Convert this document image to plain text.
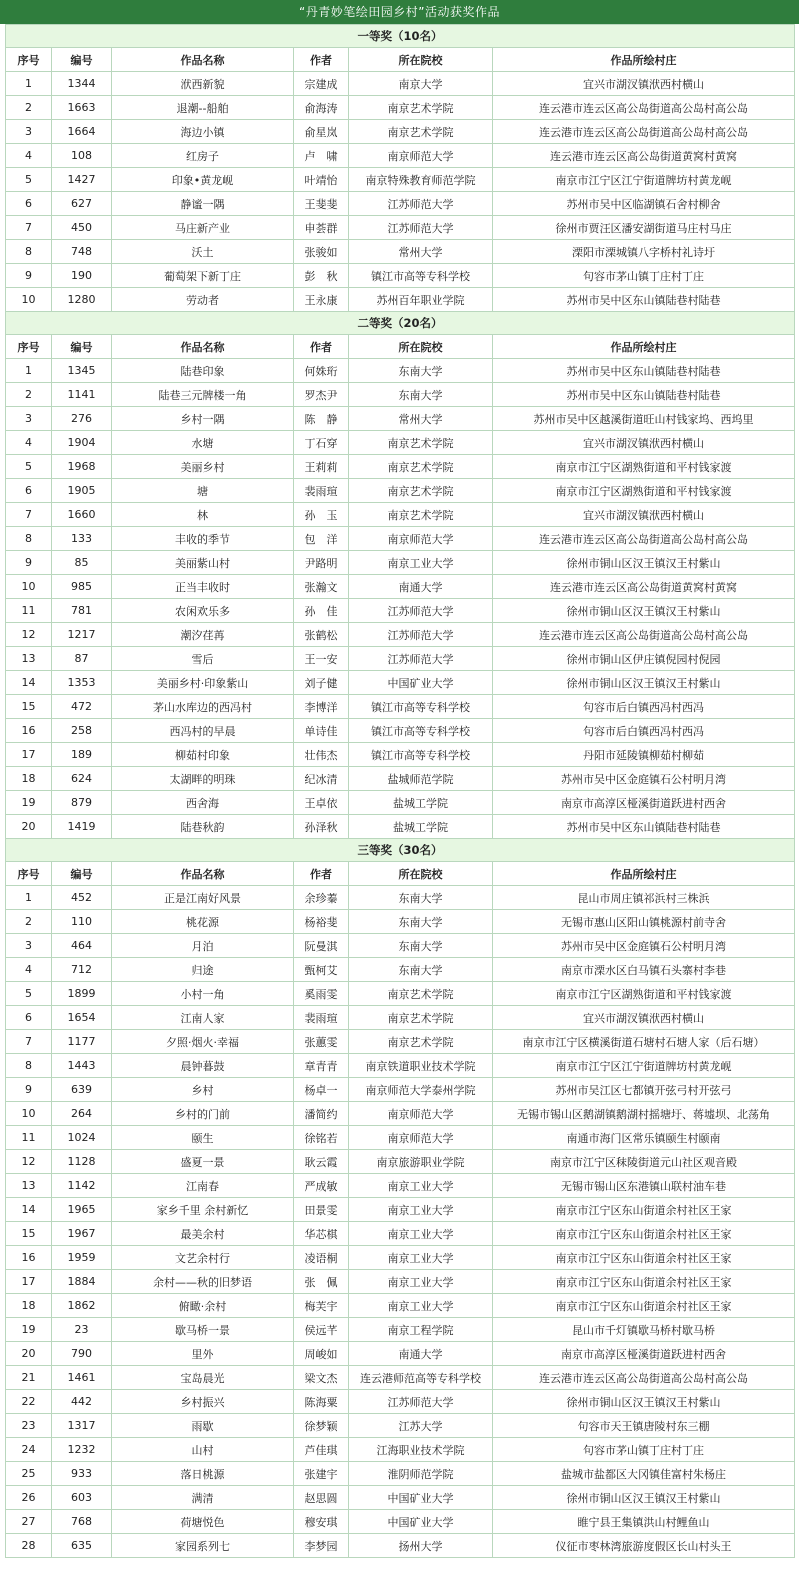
“丹青妙笔绘田园乡村”活动获奖作品
一等奖（10名）					
序号	编号	作品名称	作者	所在院校	作品所绘村庄
1	1344	洑西新貌	宗建成	南京大学	宜兴市湖汊镇洑西村横山
2	1663	退潮--船舶	俞海涛	南京艺术学院	连云港市连云区高公岛街道高公岛村高公岛
3	1664	海边小镇	俞星岚	南京艺术学院	连云港市连云区高公岛街道高公岛村高公岛
4	108	红房子	卢　啸	南京师范大学	连云港市连云区高公岛街道黄窝村黄窝
5	1427	印象•黄龙岘	叶靖怡	南京特殊教育师范学院	南京市江宁区江宁街道牌坊村黄龙岘
6	627	静谧一隅	王斐斐	江苏师范大学	苏州市吴中区临湖镇石舍村柳舍
7	450	马庄新产业	申荟群	江苏师范大学	徐州市贾汪区潘安湖街道马庄村马庄
8	748	沃土	张骏如	常州大学	溧阳市溧城镇八字桥村礼诗圩
9	190	葡萄架下新丁庄	彭　秋	镇江市高等专科学校	句容市茅山镇丁庄村丁庄
10	1280	劳动者	王永康	苏州百年职业学院	苏州市吴中区东山镇陆巷村陆巷
二等奖（20名）					
序号	编号	作品名称	作者	所在院校	作品所绘村庄
1	1345	陆巷印象	何姝珩	东南大学	苏州市吴中区东山镇陆巷村陆巷
2	1141	陆巷三元牌楼一角	罗杰尹	东南大学	苏州市吴中区东山镇陆巷村陆巷
3	276	乡村一隅	陈　静	常州大学	苏州市吴中区越溪街道旺山村钱家坞、西坞里
4	1904	水塘	丁石穿	南京艺术学院	宜兴市湖汊镇洑西村横山
5	1968	美丽乡村	王莉莉	南京艺术学院	南京市江宁区湖熟街道和平村钱家渡
6	1905	塘	裴雨瑄	南京艺术学院	南京市江宁区湖熟街道和平村钱家渡
7	1660	林	孙　玉	南京艺术学院	宜兴市湖汊镇洑西村横山
8	133	丰收的季节	包　洋	南京师范大学	连云港市连云区高公岛街道高公岛村高公岛
9	85	美丽紫山村	尹路明	南京工业大学	徐州市铜山区汉王镇汉王村紫山
10	985	正当丰收时	张瀚文	南通大学	连云港市连云区高公岛街道黄窝村黄窝
11	781	农闲欢乐多	孙　佳	江苏师范大学	徐州市铜山区汉王镇汉王村紫山
12	1217	潮汐荏苒	张鹤松	江苏师范大学	连云港市连云区高公岛街道高公岛村高公岛
13	87	雪后	王一安	江苏师范大学	徐州市铜山区伊庄镇倪园村倪园
14	1353	美丽乡村·印象紫山	刘子健	中国矿业大学	徐州市铜山区汉王镇汉王村紫山
15	472	茅山水库边的西冯村	李博洋	镇江市高等专科学校	句容市后白镇西冯村西冯
16	258	西冯村的早晨	单诗佳	镇江市高等专科学校	句容市后白镇西冯村西冯
17	189	柳茹村印象	壮伟杰	镇江市高等专科学校	丹阳市延陵镇柳茹村柳茹
18	624	太湖畔的明珠	纪冰清	盐城师范学院	苏州市吴中区金庭镇石公村明月湾
19	879	西舍海	王卓依	盐城工学院	南京市高淳区桠溪街道跃进村西舍
20	1419	陆巷秋韵	孙泽秋	盐城工学院	苏州市吴中区东山镇陆巷村陆巷
三等奖（30名）					
序号	编号	作品名称	作者	所在院校	作品所绘村庄
1	452	正是江南好风景	余珍蓁	东南大学	昆山市周庄镇祁浜村三株浜
2	110	桃花源	杨裕斐	东南大学	无锡市惠山区阳山镇桃源村前寺舍
3	464	月泊	阮曼淇	东南大学	苏州市吴中区金庭镇石公村明月湾
4	712	归途	甄柯艾	东南大学	南京市溧水区白马镇石头寨村李巷
5	1899	小村一角	奚雨雯	南京艺术学院	南京市江宁区湖熟街道和平村钱家渡
6	1654	江南人家	裴雨瑄	南京艺术学院	宜兴市湖汊镇洑西村横山
7	1177	夕照·烟火·幸福	张蕙雯	南京艺术学院	南京市江宁区横溪街道石塘村石塘人家（后石塘）
8	1443	晨钟暮鼓	章青青	南京铁道职业技术学院	南京市江宁区江宁街道牌坊村黄龙岘
9	639	乡村	杨卓一	南京师范大学泰州学院	苏州市吴江区七都镇开弦弓村开弦弓
10	264	乡村的门前	潘简约	南京师范大学	无锡市锡山区鹅湖镇鹅湖村摇塘圩、蒋墟坝、北荡角
11	1024	颐生	徐铭若	南京师范大学	南通市海门区常乐镇颐生村颐南
12	1128	盛夏一景	耿云霞	南京旅游职业学院	南京市江宁区秣陵街道元山社区观音殿
13	1142	江南春	严成敏	南京工业大学	无锡市锡山区东港镇山联村油车巷
14	1965	家乡千里 余村新忆	田景雯	南京工业大学	南京市江宁区东山街道余村社区王家
15	1967	最美余村	华芯棋	南京工业大学	南京市江宁区东山街道余村社区王家
16	1959	文艺余村行	凌语桐	南京工业大学	南京市江宁区东山街道余村社区王家
17	1884	余村——秋的旧梦语	张　佩	南京工业大学	南京市江宁区东山街道余村社区王家
18	1862	俯瞰·余村	梅芙宇	南京工业大学	南京市江宁区东山街道余村社区王家
19	23	歇马桥一景	侯远芊	南京工程学院	昆山市千灯镇歇马桥村歇马桥
20	790	里外	周峻如	南通大学	南京市高淳区桠溪街道跃进村西舍
21	1461	宝岛晨光	梁文杰	连云港师范高等专科学校	连云港市连云区高公岛街道高公岛村高公岛
22	442	乡村振兴	陈海粟	江苏师范大学	徐州市铜山区汉王镇汉王村紫山
23	1317	雨歇	徐梦颖	江苏大学	句容市天王镇唐陵村东三棚
24	1232	山村	芦佳琪	江海职业技术学院	句容市茅山镇丁庄村丁庄
25	933	落日桃源	张建宇	淮阴师范学院	盐城市盐都区大冈镇佳富村朱杨庄
26	603	满清	赵思圆	中国矿业大学	徐州市铜山区汉王镇汉王村紫山
27	768	荷塘悦色	穆安琪	中国矿业大学	睢宁县王集镇洪山村鲤鱼山
28	635	家园系列七	李梦园	扬州大学	仪征市枣林湾旅游度假区长山村头王
